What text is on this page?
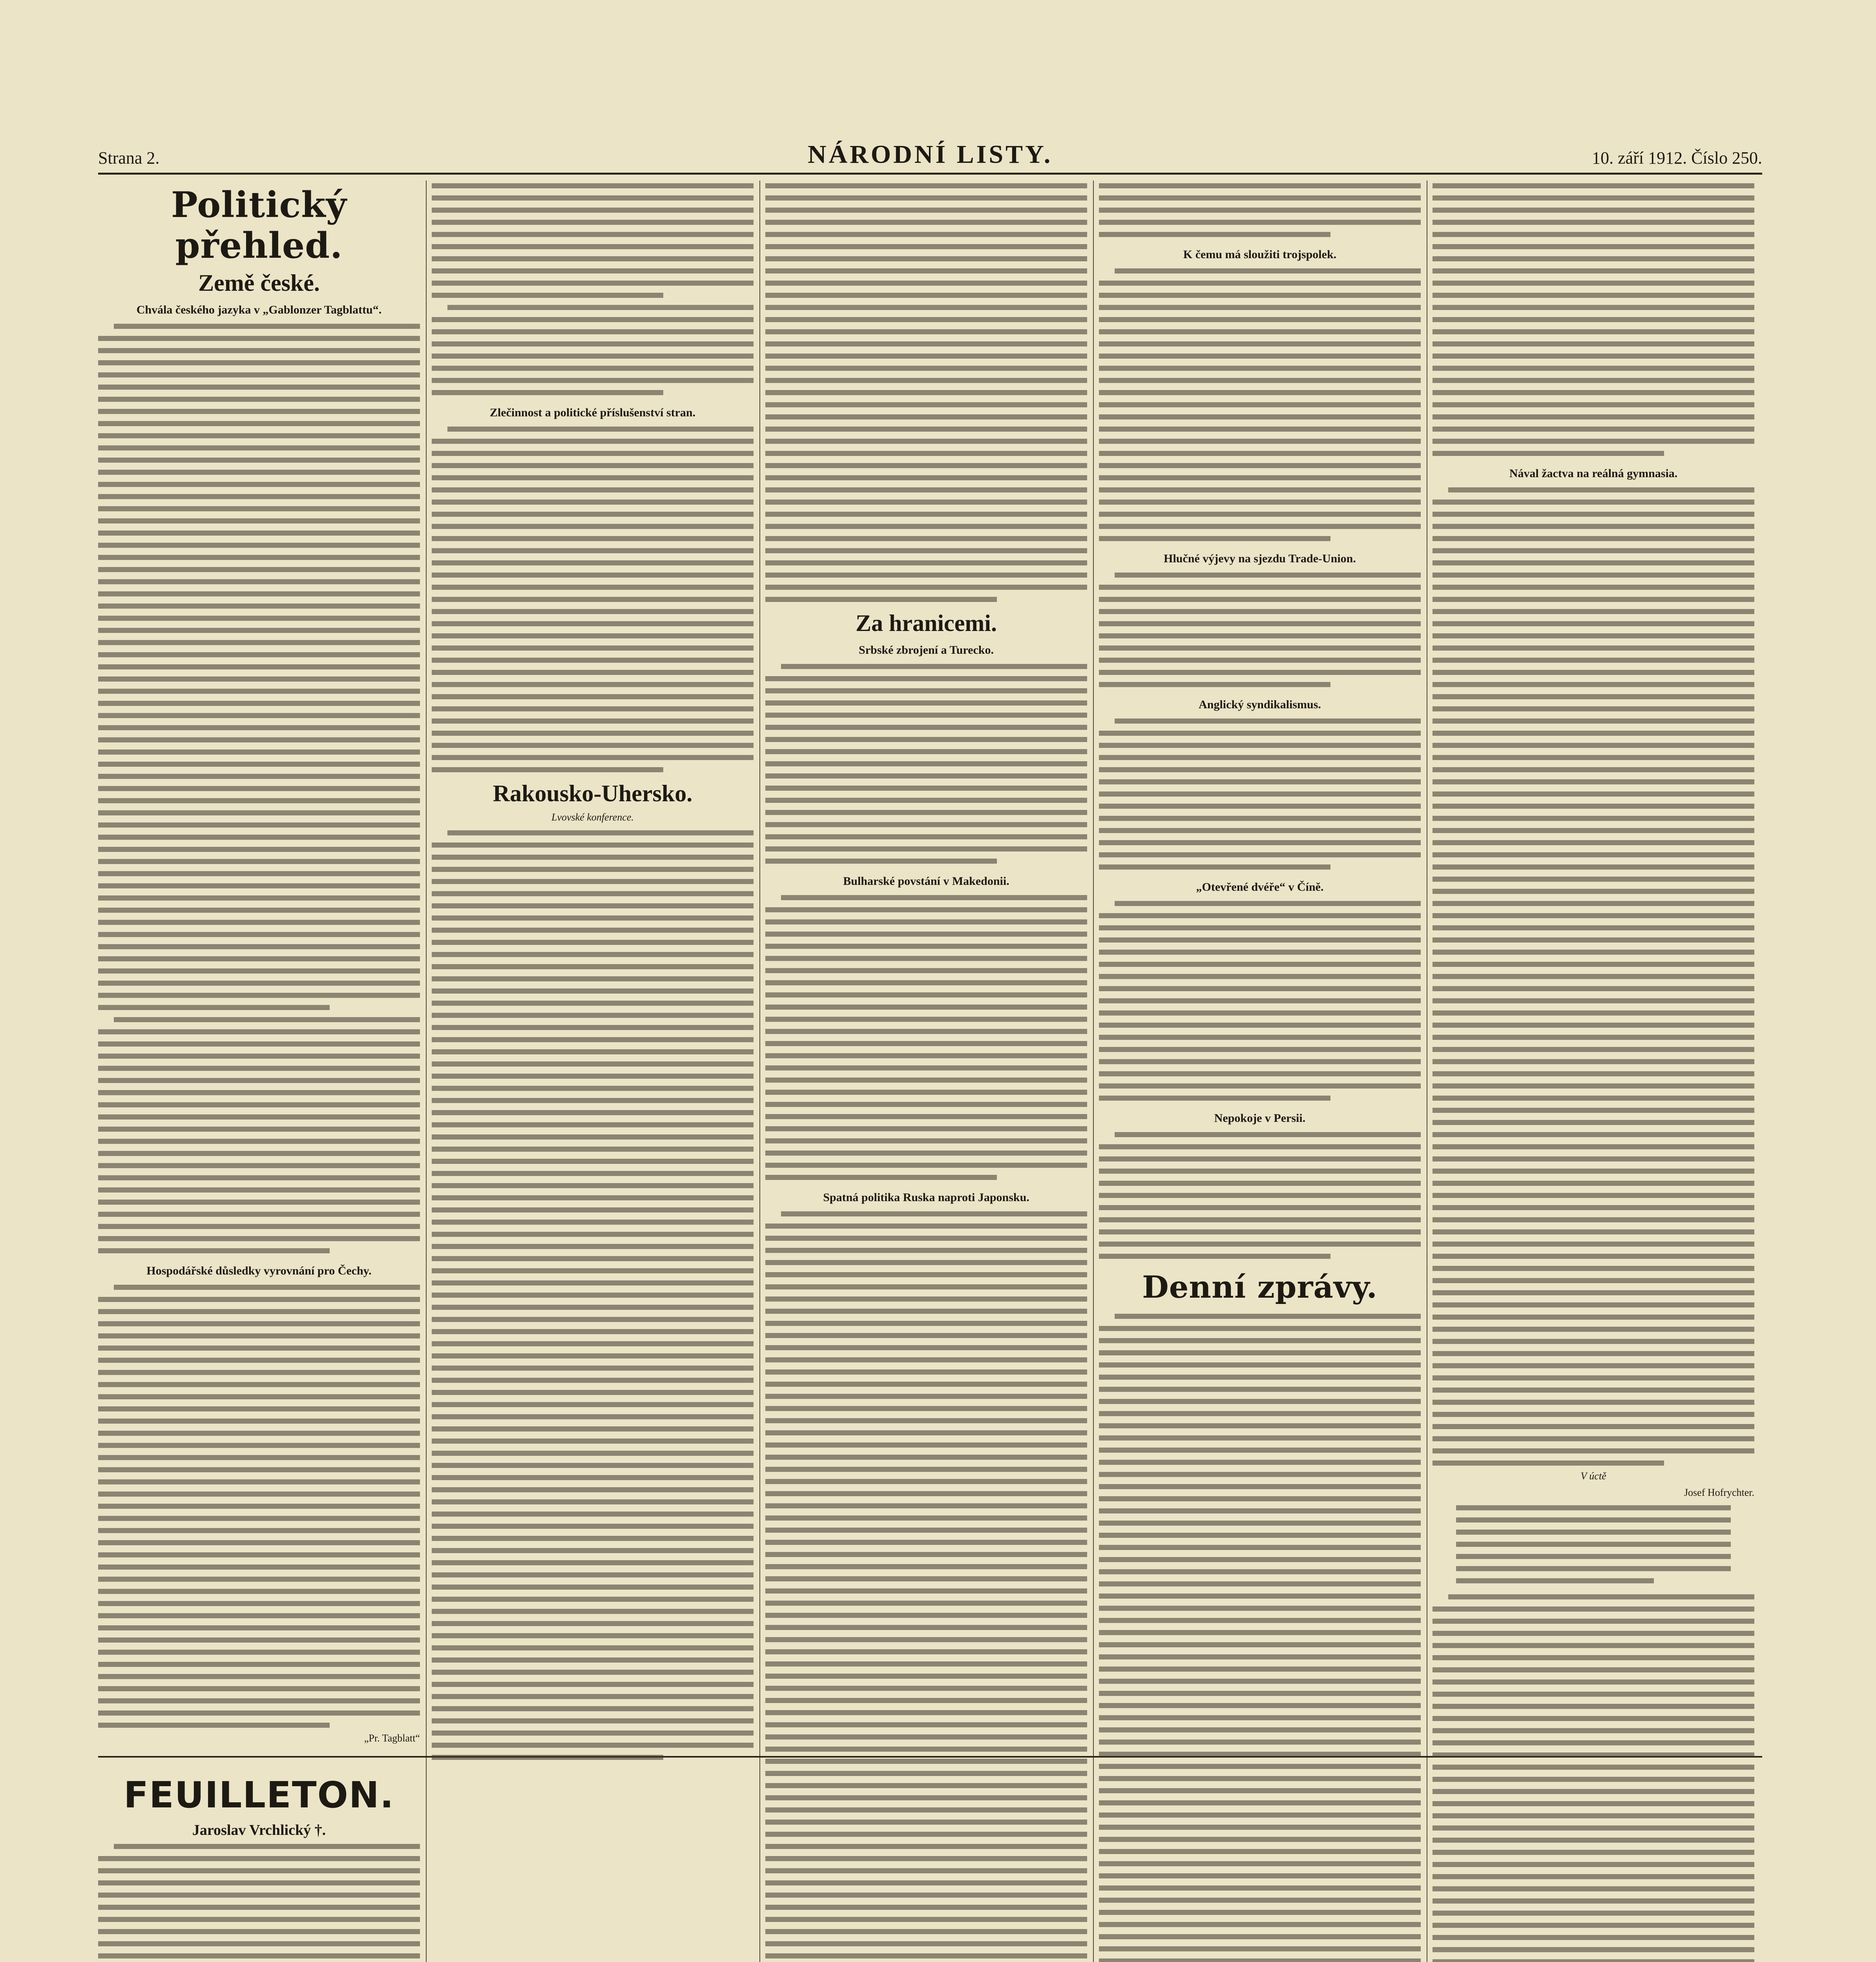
Strana 2.	NÁRODNÍ LISTY.	10. září 1912. Číslo 250.
Politický přehled.
Země české.
Chvála českého jazyka v „Gablonzer Tagblattu“.
Hospodářské důsledky vyrovnání pro Čechy.
„Pr. Tagblatt“
FEUILLETON.
Jaroslav Vrchlický †.
Zlečinnost a politické příslušenství stran.
Rakousko-Uhersko.
Lvovské konference.
Za hranicemi.
Srbské zbrojení a Turecko.
Bulharské povstání v Makedonii.
Spatná politika Ruska naproti Japonsku.
K čemu má sloužiti trojspolek.
Hlučné výjevy na sjezdu Trade-Union.
Anglický syndikalismus.
„Otevřené dvéře“ v Číně.
Nepokoje v Persii.
Denní zprávy.
Nával žactva na reálná gymnasia.
V úctě
Josef Hofrychter.
